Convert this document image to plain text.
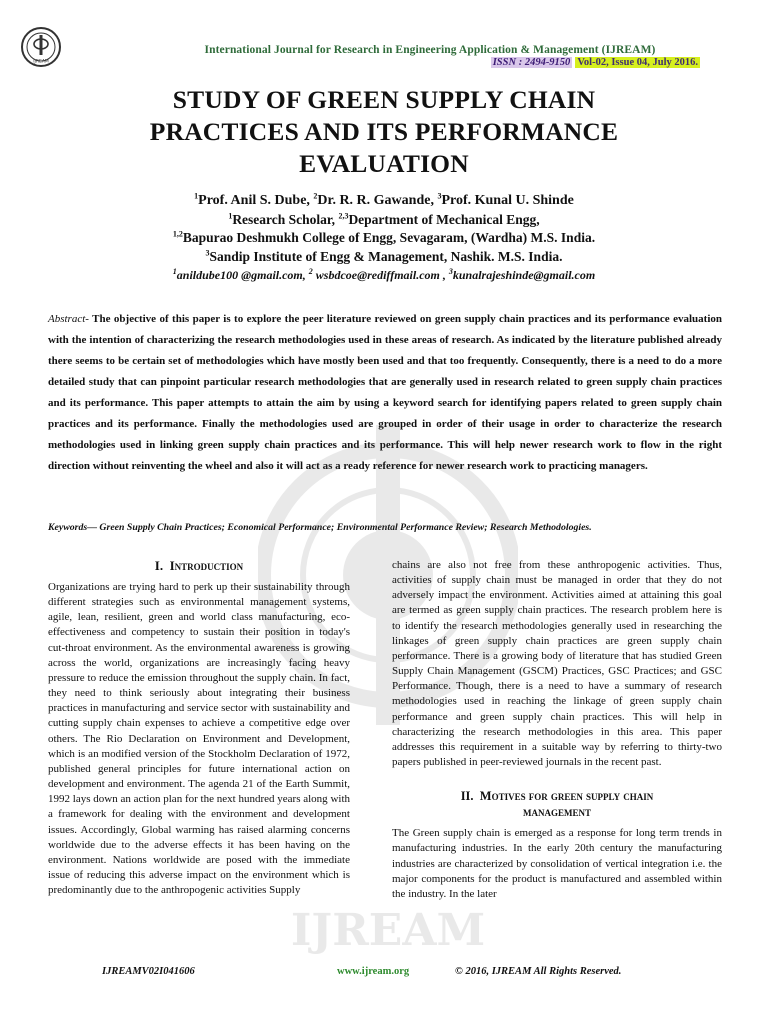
IJREAM
International Journal for Research in Engineering Application & Management (IJREAM)
ISSN : 2494-9150 Vol-02, Issue 04, July 2016.
STUDY OF GREEN SUPPLY CHAIN
PRACTICES AND ITS PERFORMANCE
EVALUATION
$^1$Prof. Anil S. Dube, $^2$Dr. R. R. Gawande, $^3$Prof. Kunal U. Shinde
$^1$Research Scholar, $^{2,3}$Department of Mechanical Engg,
$^{1,2}$Bapurao Deshmukh College of Engg, Sevagaram, (Wardha) M.S. India.
$^3$Sandip Institute of Engg & Management, Nashik. M.S. India.
$^1$anildube100 @gmail.com, $^2$ wsbdcoe@rediffmail.com , $^3$kunalrajeshinde@gmail.com
Abstract- The objective of this paper is to explore the peer literature reviewed on green supply chain practices and its performance evaluation with the intention of characterizing the research methodologies used in these areas of research. As indicated by the literature published already there seems to be certain set of methodologies which have mostly been used and that too frequently. Consequently, there is a need to do a more detailed study that can pinpoint particular research methodologies that are generally used in research related to green supply chain practices and its performance. This paper attempts to attain the aim by using a keyword search for identifying papers related to green supply chain practices and its performance. Finally the methodologies used are grouped in order of their usage in order to characterize the research methodologies used in linking green supply chain practices and its performance. This will help newer research work to flow in the right direction without reinventing the wheel and also it will act as a ready reference for newer research work to practicing managers.
Keywords— Green Supply Chain Practices; Economical Performance; Environmental Performance Review; Research Methodologies.
IJREAM
I. Introduction

Organizations are trying hard to perk up their sustainability through different strategies such as environmental management systems, agile, lean, resilient, green and world class manufacturing, eco-effectiveness and competency to sustain their position in today's cut-throat environment. As the environmental awareness is growing across the world, organizations are increasingly facing heavy pressure to reduce the emission throughout the supply chain. In fact, they need to think seriously about integrating their business practices in manufacturing and service sector with sustainability and cutting supply chain expenses to achieve a competitive edge over others. The Rio Declaration on Environment and Development, which is an modified version of the Stockholm Declaration of 1972, published general principles for future international action on development and environment. The agenda 21 of the Earth Summit, 1992 lays down an action plan for the next hundred years along with a framework for dealing with the environment and development issues. Accordingly, Global warming has raised alarming concerns worldwide due to the adverse effects it has been having on the environment. Nations worldwide are posed with the immediate issue of reducing this adverse impact on the environment which is predominantly due to the anthropogenic activities Supply

chains are also not free from these anthropogenic activities. Thus, activities of supply chain must be managed in order that they do not adversely impact the environment. Activities aimed at attaining this goal are termed as green supply chain practices. The research problem here is to identify the research methodologies generally used in researching the linkages of green supply chain practices are green supply chain performance. There is a growing body of literature that has studied Green Supply Chain Management (GSCM) Practices, GSC Practices; and GSC Performance. Though, there is a need to have a summary of research methodologies used in reaching the linkage of green supply chain performance and green supply chain practices. This will help in characterizing the research methodologies in this area. This paper addresses this requirement in a suitable way by referring to thirty-two papers published in peer-reviewed journals in the recent past.

II. Motives for green supply chain
management

The Green supply chain is emerged as a response for long term trends in manufacturing industries. In the early 20th century the manufacturing industries are characterized by consolidation of vertical integration i.e. the major components for the product is manufactured and assembled within the industry. In the later

IJREAMV02I041606	www.ijream.org	© 2016, IJREAM All Rights Reserved.
